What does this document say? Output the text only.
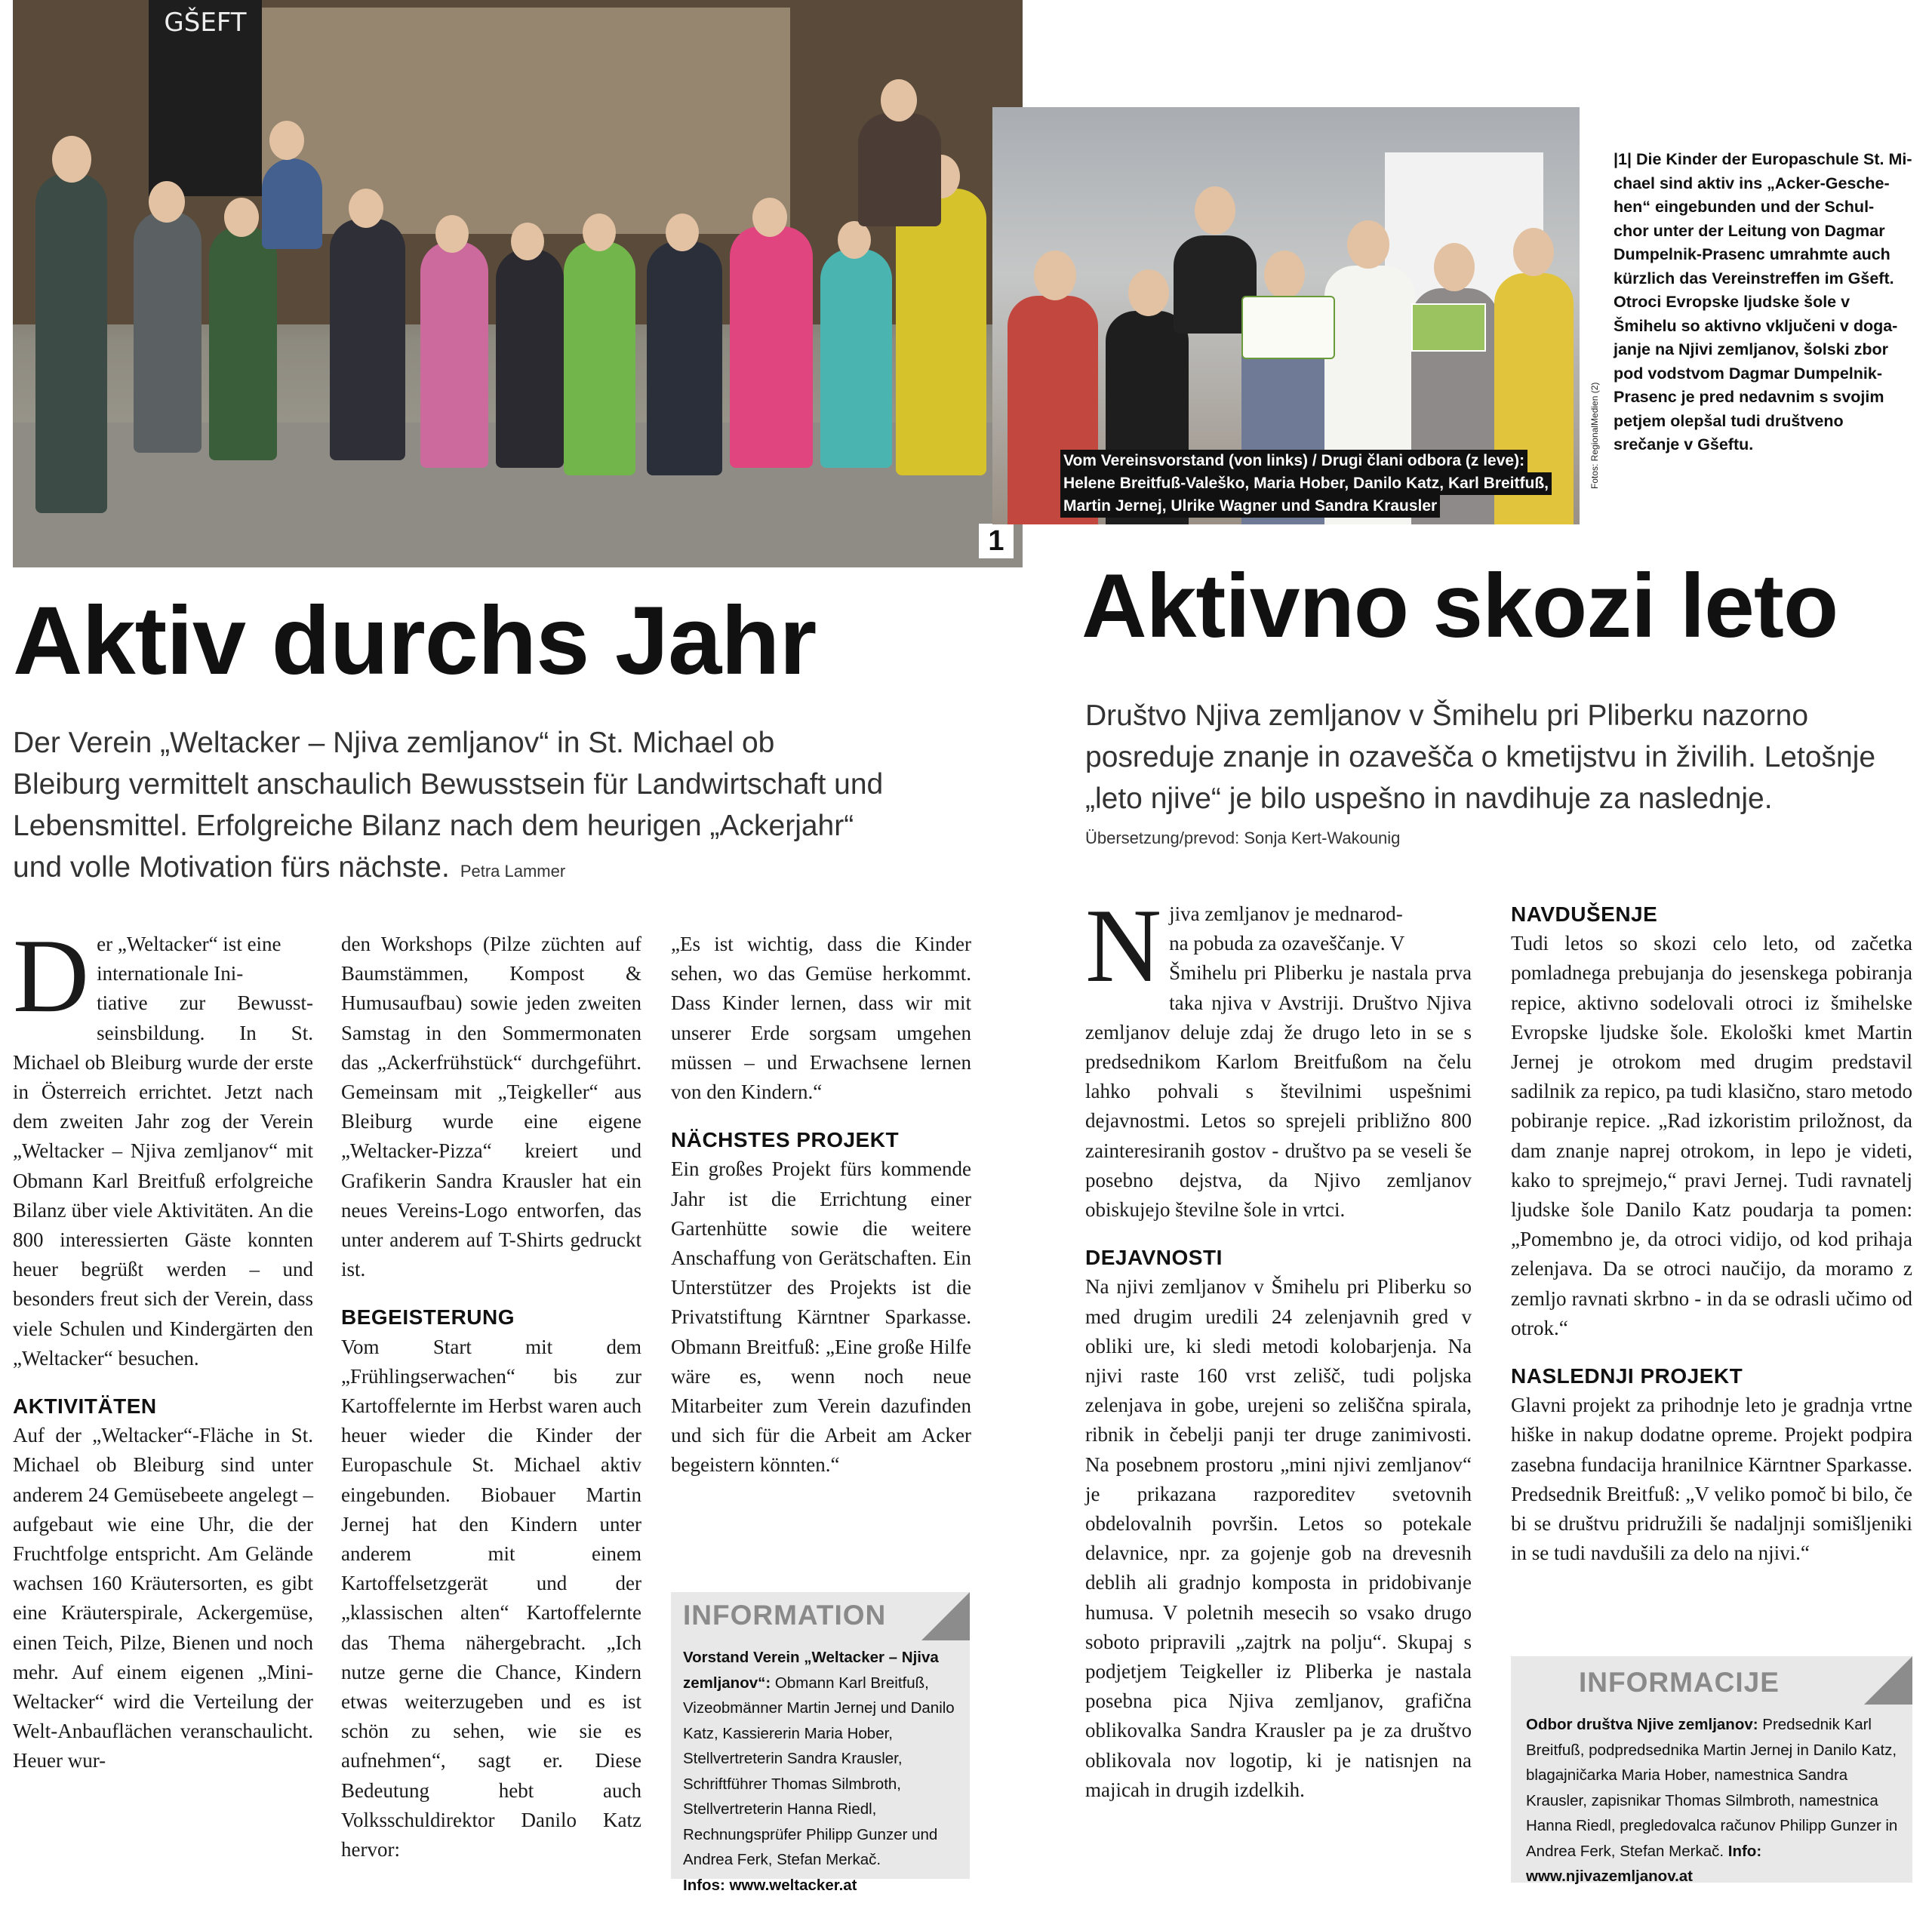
GŠEFT
1
Vom Vereinsvorstand (von links) / Drugi člani odbora (z leve):
Helene Breitfuß-Valeško, Maria Hober, Danilo Katz, Karl Breitfuß,
Martin Jernej, Ulrike Wagner und Sandra Krausler
Fotos: RegionalMedien (2)
|1| Die Kinder der Europaschule St. Mi-
chael sind aktiv ins „Acker-Gesche-
hen“ eingebunden und der Schul-
chor unter der Leitung von Dagmar
Dumpelnik-Prasenc umrahmte auch
kürzlich das Vereinstreffen im Gšeft.
Otroci Evropske ljudske šole v
Šmihelu so aktivno vključeni v doga-
janje na Njivi zemljanov, šolski zbor
pod vodstvom Dagmar Dumpelnik-
Prasenc je pred nedavnim s svojim
petjem olepšal tudi društveno
srečanje v Gšeftu.
Aktiv durchs Jahr
Der Verein „Weltacker – Njiva zemljanov“ in St. Michael ob
Bleiburg vermittelt anschaulich Bewusstsein für Landwirtschaft und
Lebensmittel. Erfolgreiche Bilanz nach dem heurigen „Ackerjahr“
und volle Motivation fürs nächste. Petra Lammer
Aktivno skozi leto
Društvo Njiva zemljanov v Šmihelu pri Pliberku nazorno
posreduje znanje in ozavešča o kmetijstvu in živilih. Letošnje
„leto njive“ je bilo uspešno in navdihuje za naslednje.
Übersetzung/prevod: Sonja Kert-Wakounig

Der „Weltacker“ ist eine
internationale Ini-
tiative zur Bewusst- seinsbildung. In St. Michael ob Bleiburg wurde der erste in Österreich errichtet. Jetzt nach dem zweiten Jahr zog der Verein „Weltacker – Njiva zemljanov“ mit Obmann Karl Breitfuß erfolgreiche Bilanz über viele Aktivitäten. An die 800 interessierten Gäste konnten heuer begrüßt werden – und besonders freut sich der Verein, dass viele Schulen und Kindergärten den „Weltacker“ besuchen.

AKTIVITÄTEN

Auf der „Weltacker“-Fläche in St. Michael ob Bleiburg sind unter anderem 24 Gemüsebeete angelegt – aufgebaut wie eine Uhr, die der Fruchtfolge entspricht. Am Gelände wachsen 160 Kräutersorten, es gibt eine Kräuterspirale, Ackergemüse, einen Teich, Pilze, Bienen und noch mehr. Auf einem eigenen „Mini-Weltacker“ wird die Verteilung der Welt-Anbauflächen veranschaulicht. Heuer wur-

den Workshops (Pilze züchten auf Baumstämmen, Kompost & Humusaufbau) sowie jeden zweiten Samstag in den Sommermonaten das „Ackerfrühstück“ durchgeführt. Gemeinsam mit „Teigkeller“ aus Bleiburg wurde eine eigene „Weltacker-Pizza“ kreiert und Grafikerin Sandra Krausler hat ein neues Vereins-Logo entworfen, das unter anderem auf T-Shirts gedruckt ist.

BEGEISTERUNG

Vom Start mit dem „Frühlingserwachen“ bis zur Kartoffelernte im Herbst waren auch heuer wieder die Kinder der Europaschule St. Michael aktiv eingebunden. Biobauer Martin Jernej hat den Kindern unter anderem mit einem Kartoffelsetzgerät und der „klassischen alten“ Kartoffelernte das Thema nähergebracht. „Ich nutze gerne die Chance, Kindern etwas weiterzugeben und es ist schön zu sehen, wie sie es aufnehmen“, sagt er. Diese Bedeutung hebt auch Volksschuldirektor Danilo Katz hervor:

„Es ist wichtig, dass die Kinder sehen, wo das Gemüse herkommt. Dass Kinder lernen, dass wir mit unserer Erde sorgsam umgehen müssen – und Erwachsene lernen von den Kindern.“

NÄCHSTES PROJEKT

Ein großes Projekt fürs kommende Jahr ist die Errichtung einer Gartenhütte sowie die weitere Anschaffung von Gerätschaften. Ein Unterstützer des Projekts ist die Privatstiftung Kärntner Sparkasse. Obmann Breitfuß: „Eine große Hilfe wäre es, wenn noch neue Mitarbeiter zum Verein dazufinden und sich für die Arbeit am Acker begeistern könnten.“

INFORMATION
Vorstand Verein „Weltacker – Njiva zemljanov“: Obmann Karl Breitfuß, Vizeobmänner Martin Jernej und Danilo Katz, Kassiererin Maria Hober, Stellvertreterin Sandra Krausler, Schriftführer Thomas Silmbroth, Stellvertreterin Hanna Riedl, Rechnungsprüfer Philipp Gunzer und Andrea Ferk, Stefan Merkač.
Infos: www.weltacker.at

Njiva zemljanov je mednarod-
na pobuda za ozaveščanje. V
Šmihelu pri Pliberku je nastala prva taka njiva v Avstriji. Društvo Njiva zemljanov deluje zdaj že drugo leto in se s predsednikom Karlom Breitfußom na čelu lahko pohvali s številnimi uspešnimi dejavnostmi. Letos so sprejeli približno 800 zainteresiranih gostov - društvo pa se veseli še posebno dejstva, da Njivo zemljanov obiskujejo številne šole in vrtci.

DEJAVNOSTI

Na njivi zemljanov v Šmihelu pri Pliberku so med drugim uredili 24 zelenjavnih gred v obliki ure, ki sledi metodi kolobarjenja. Na njivi raste 160 vrst zelišč, tudi poljska zelenjava in gobe, urejeni so zeliščna spirala, ribnik in čebelji panji ter druge zanimivosti. Na posebnem prostoru „mini njivi zemljanov“ je prikazana razporeditev svetovnih obdelovalnih površin. Letos so potekale delavnice, npr. za gojenje gob na drevesnih deblih ali gradnjo komposta in pridobivanje humusa. V poletnih mesecih so vsako drugo soboto pripravili „zajtrk na polju“. Skupaj s podjetjem Teigkeller iz Pliberka je nastala posebna pica Njiva zemljanov, grafična oblikovalka Sandra Krausler pa je za društvo oblikovala nov logotip, ki je natisnjen na majicah in drugih izdelkih.

NAVDUŠENJE

Tudi letos so skozi celo leto, od začetka pomladnega prebujanja do jesenskega pobiranja repice, aktivno sodelovali otroci iz šmihelske Evropske ljudske šole. Ekološki kmet Martin Jernej je otrokom med drugim predstavil sadilnik za repico, pa tudi klasično, staro metodo pobiranje repice. „Rad izkoristim priložnost, da dam znanje naprej otrokom, in lepo je videti, kako to sprejmejo,“ pravi Jernej. Tudi ravnatelj ljudske šole Danilo Katz poudarja ta pomen: „Pomembno je, da otroci vidijo, od kod prihaja zelenjava. Da se otroci naučijo, da moramo z zemljo ravnati skrbno - in da se odrasli učimo od otrok.“

NASLEDNJI PROJEKT

Glavni projekt za prihodnje leto je gradnja vrtne hiške in nakup dodatne opreme. Projekt podpira zasebna fundacija hranilnice Kärntner Sparkasse. Predsednik Breitfuß: „V veliko pomoč bi bilo, če bi se društvu pridružili še nadaljnji somišljeniki in se tudi navdušili za delo na njivi.“

INFORMACIJE
Odbor društva Njive zemljanov: Predsednik Karl Breitfuß, podpredsednika Martin Jernej in Danilo Katz, blagajničarka Maria Hober, namestnica Sandra Krausler, zapisnikar Thomas Silmbroth, namestnica Hanna Riedl, pregledovalca računov Philipp Gunzer in Andrea Ferk, Stefan Merkač. Info: www.njivazemljanov.at
